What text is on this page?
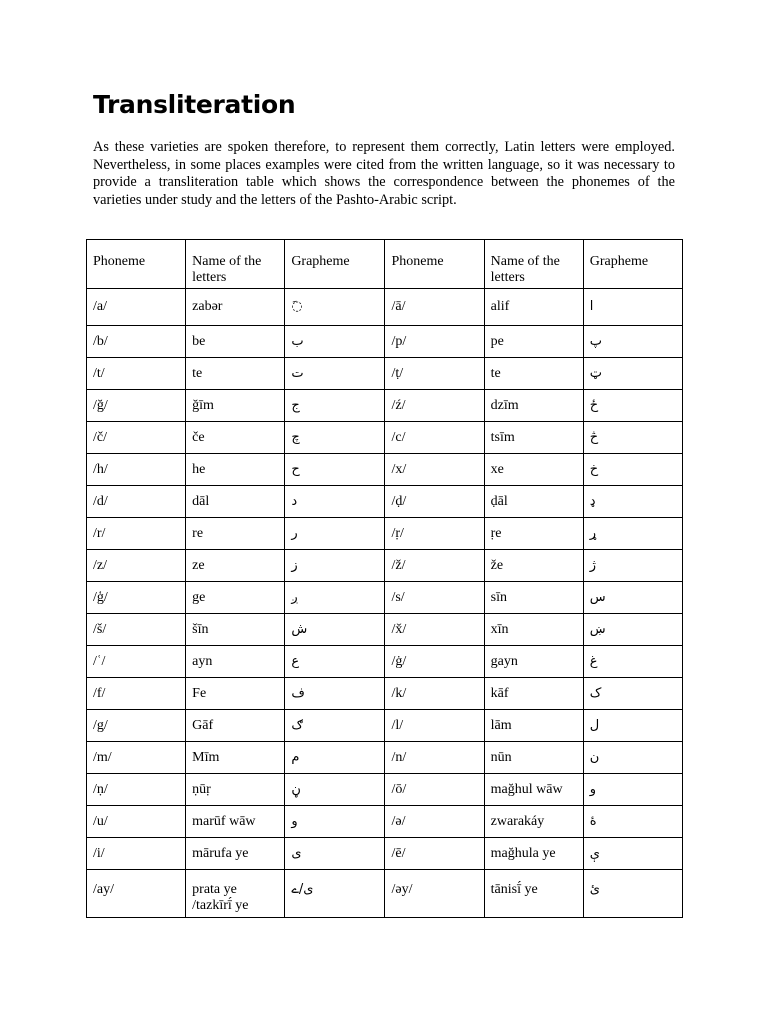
Transliteration

As these varieties are spoken therefore, to represent them correctly, Latin letters were employed. Nevertheless, in some places examples were cited from the written language, so it was necessary to provide a transliteration table which shows the correspondence between the phonemes of the varieties under study and the letters of the Pashto-Arabic script.

Phoneme	Name of the letters	Grapheme	Phoneme	Name of the letters	Grapheme
/a/	zabər	َ◌	/ā/	alif	ا
/b/	be	ب	/p/	pe	پ
/t/	te	ت	/ṭ/	te	ټ
/ğ/	ğīm	ج	/ź/	dzīm	ځ
/č/	če	چ	/c/	tsīm	څ
/h/	he	ح	/x/	xe	خ
/d/	dāl	د	/ḍ/	ḍāl	ډ
/r/	re	ر	/ṛ/	ṛe	ړ
/z/	ze	ز	/ž/	že	ژ
/ģ/	ge	ږ	/s/	sīn	س
/š/	šīn	ش	/x̌/	xīn	ښ
/ʿ/	ayn	ع	/ġ/	gayn	غ
/f/	Fe	ف	/k/	kāf	ک
/g/	Gāf	ګ	/l/	lām	ل
/m/	Mīm	م	/n/	nūn	ن
/ṇ/	ṇūṛ	ڼ	/ō/	mağhul wāw	و
/u/	marūf wāw	و	/ə/	zwarakáy	ۀ
/i/	mārufa ye	ی	/ē/	mağhula ye	ې
/ay/	prata ye /tazkīrī́ ye	ی/ے	/əy/	tānisī́ ye	ئ
